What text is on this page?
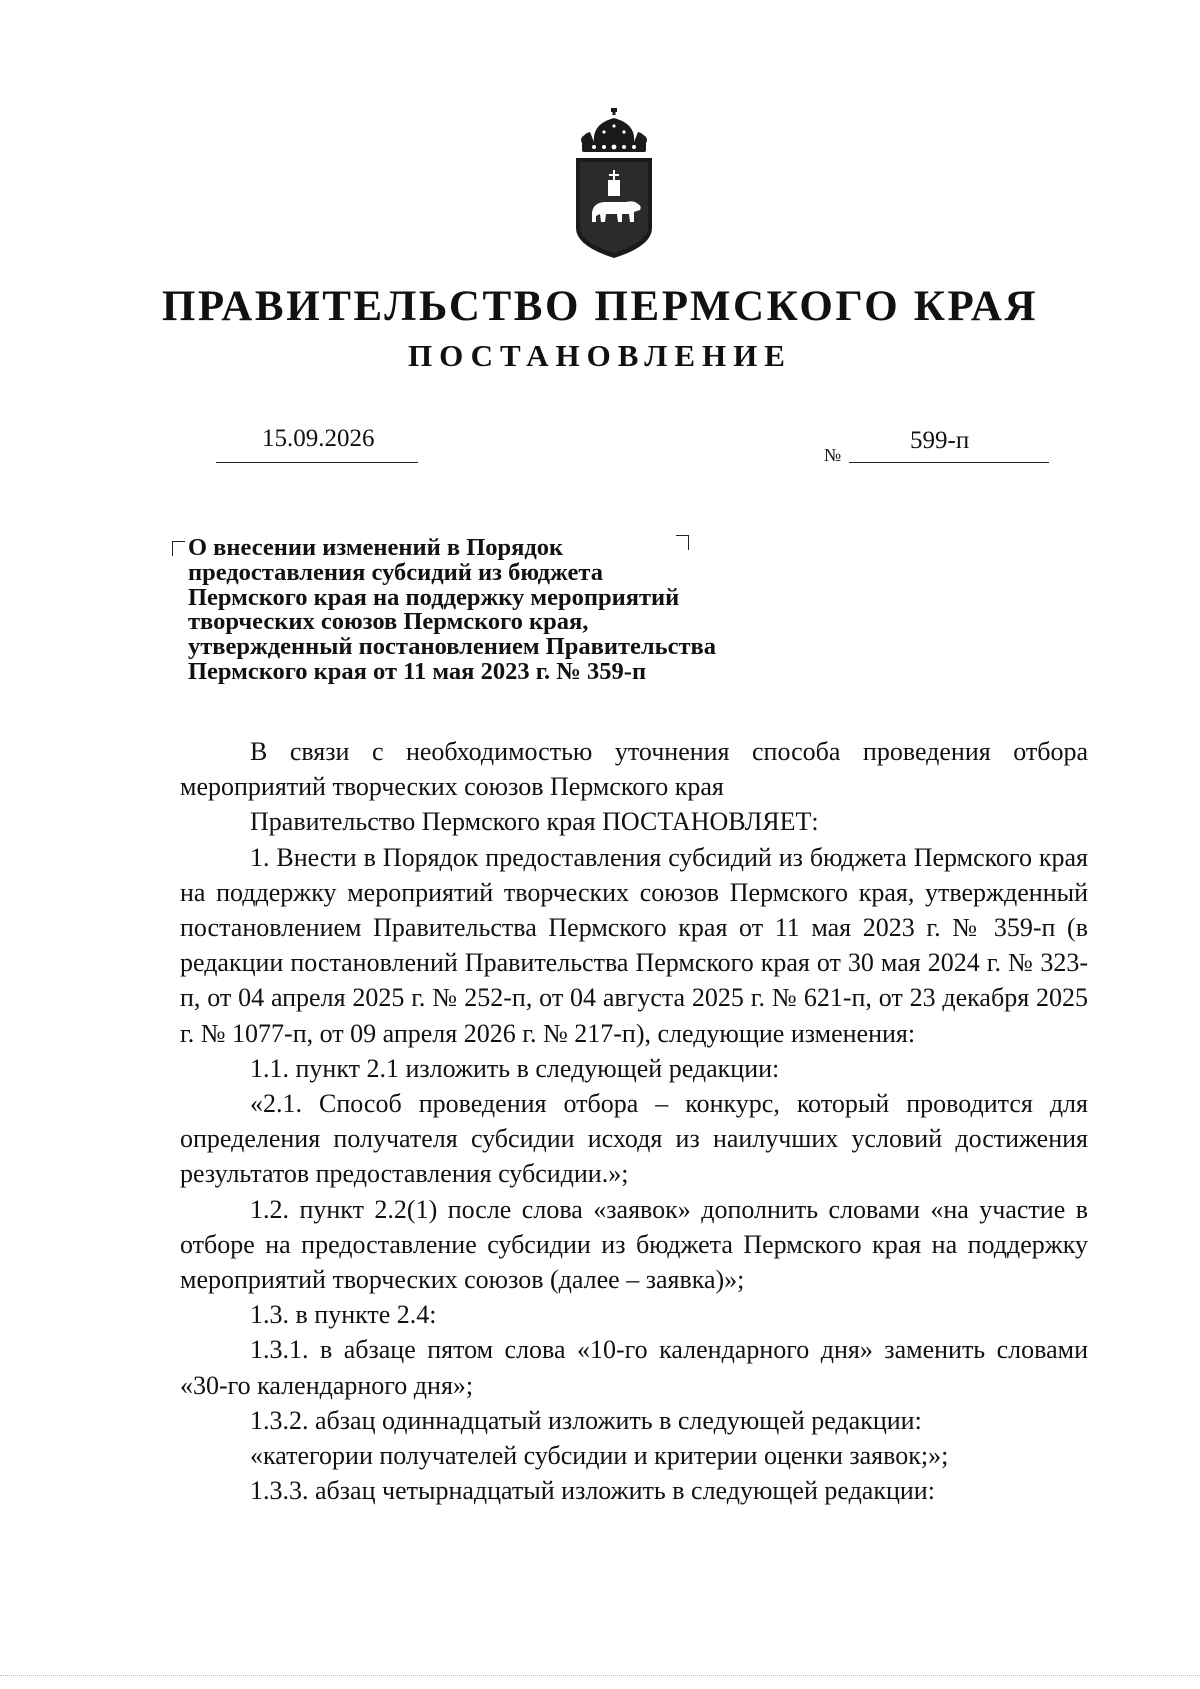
ПРАВИТЕЛЬСТВО ПЕРМСКОГО КРАЯ
ПОСТАНОВЛЕНИЕ
15.09.2026
№
599-п
О внесении изменений в Порядок
предоставления субсидий из бюджета
Пермского края на поддержку мероприятий
творческих союзов Пермского края,
утвержденный постановлением Правительства
Пермского края от 11 мая 2023 г. № 359-п

В связи с необходимостью уточнения способа проведения отбора мероприятий творческих союзов Пермского края

Правительство Пермского края ПОСТАНОВЛЯЕТ:

1. Внести в Порядок предоставления субсидий из бюджета Пермского края на поддержку мероприятий творческих союзов Пермского края, утвержденный постановлением Правительства Пермского края от 11 мая 2023 г. № 359-п (в редакции постановлений Правительства Пермского края от 30 мая 2024 г. № 323-п, от 04 апреля 2025 г. № 252-п, от 04 августа 2025 г. № 621-п, от 23 декабря 2025 г. № 1077-п, от 09 апреля 2026 г. № 217-п), следующие изменения:

1.1. пункт 2.1 изложить в следующей редакции:

«2.1. Способ проведения отбора – конкурс, который проводится для определения получателя субсидии исходя из наилучших условий достижения результатов предоставления субсидии.»;

1.2. пункт 2.2(1) после слова «заявок» дополнить словами «на участие в отборе на предоставление субсидии из бюджета Пермского края на поддержку мероприятий творческих союзов (далее – заявка)»;

1.3. в пункте 2.4:

1.3.1. в абзаце пятом слова «10-го календарного дня» заменить словами «30-го календарного дня»;

1.3.2. абзац одиннадцатый изложить в следующей редакции:

«категории получателей субсидии и критерии оценки заявок;»;

1.3.3. абзац четырнадцатый изложить в следующей редакции:
